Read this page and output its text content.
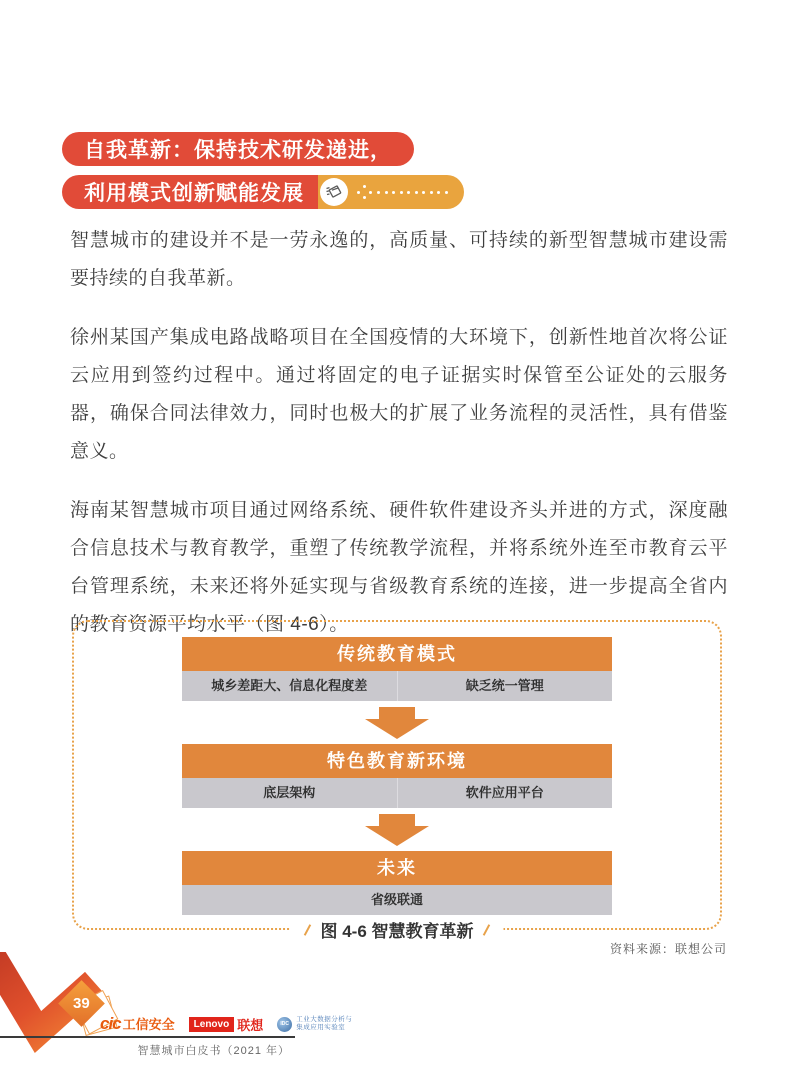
自我革新：保持技术研发递进，
利用模式创新赋能发展

智慧城市的建设并不是一劳永逸的，高质量、可持续的新型智慧城市建设需要持续的自我革新。

徐州某国产集成电路战略项目在全国疫情的大环境下，创新性地首次将公证云应用到签约过程中。通过将固定的电子证据实时保管至公证处的云服务器，确保合同法律效力，同时也极大的扩展了业务流程的灵活性，具有借鉴意义。

海南某智慧城市项目通过网络系统、硬件软件建设齐头并进的方式，深度融合信息技术与教育教学，重塑了传统教学流程，并将系统外连至市教育云平台管理系统，未来还将外延实现与省级教育系统的连接，进一步提高全省内的教育资源平均水平（图 4-6）。

传统教育模式
城乡差距大、信息化程度差	缺乏统一管理
特色教育新环境
底层架构	软件应用平台
未来
省级联通
图 4-6 智慧教育革新
资料来源：联想公司
39
cic 工信安全	Lenovo 联想	IDC
工业大数据分析与
集成应用实验室
智慧城市白皮书（2021 年）
